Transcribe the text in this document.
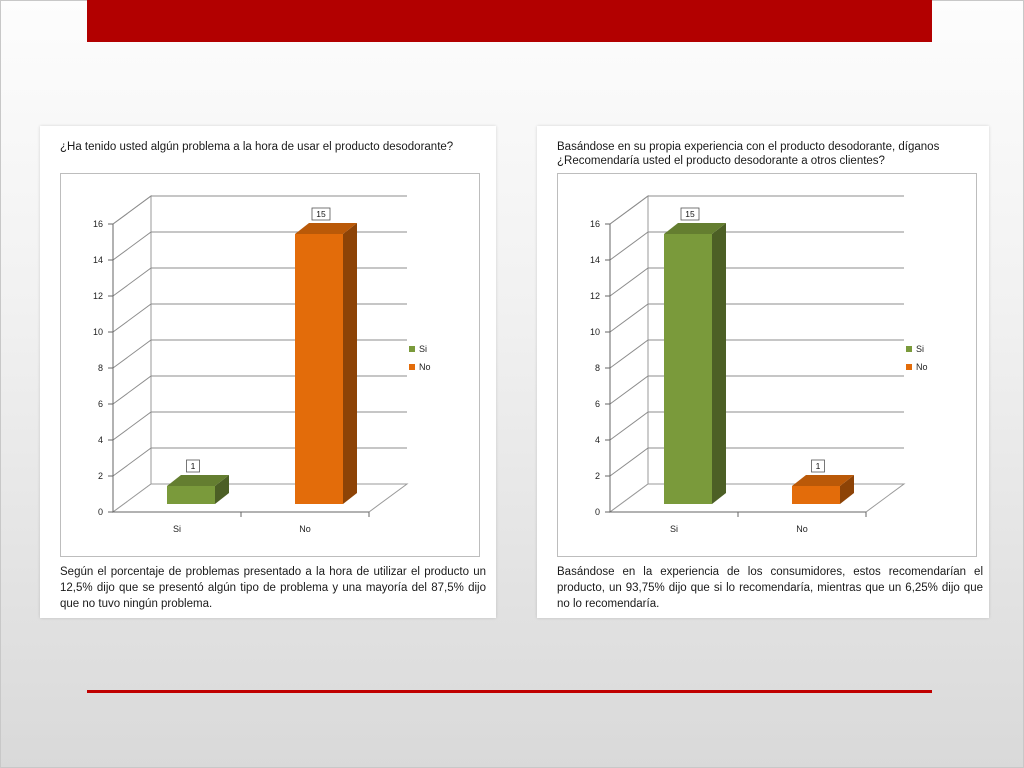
¿Ha tenido usted algún problema a la hora de usar el producto desodorante?
0
2
4
6
8
10
12
14
16
1
Si
15
No
Si
No
Según el porcentaje de problemas presentado a la hora de utilizar el producto un 12,5% dijo que se presentó algún tipo de problema y una mayoría del 87,5% dijo que no tuvo ningún problema.
Basándose en su propia experiencia con el producto desodorante, díganos ¿Recomendaría usted el producto desodorante a otros clientes?
0
2
4
6
8
10
12
14
16
15
Si
1
No
Si
No
Basándose en la experiencia de los consumidores, estos recomendarían el producto, un 93,75% dijo que si lo recomendaría, mientras que un 6,25% dijo que no lo recomendaría.
